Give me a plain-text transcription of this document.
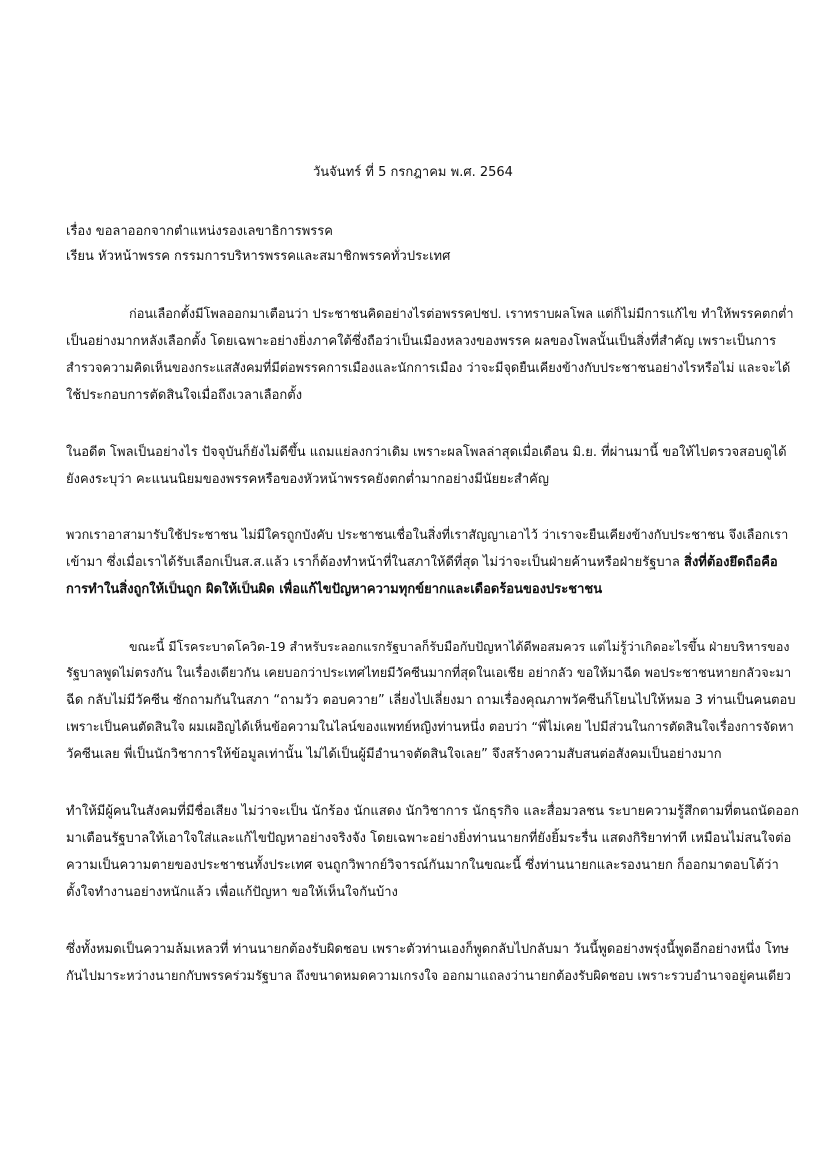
วันจันทร์ ที่ 5 กรกฎาคม พ.ศ. 2564
เรื่อง ขอลาออกจากตำแหน่งรองเลขาธิการพรรค
เรียน หัวหน้าพรรค กรรมการบริหารพรรคและสมาชิกพรรคทั่วประเทศ
ก่อนเลือกตั้งมีโพลออกมาเตือนว่า ประชาชนคิดอย่างไรต่อพรรคปชป. เราทราบผลโพล แต่ก็ไม่มีการแก้ไข ทำให้พรรคตกต่ำ
เป็นอย่างมากหลังเลือกตั้ง โดยเฉพาะอย่างยิ่งภาคใต้ซึ่งถือว่าเป็นเมืองหลวงของพรรค ผลของโพลนั้นเป็นสิ่งที่สำคัญ เพราะเป็นการ
สำรวจความคิดเห็นของกระแสสังคมที่มีต่อพรรคการเมืองและนักการเมือง ว่าจะมีจุดยืนเคียงข้างกับประชาชนอย่างไรหรือไม่ และจะได้
ใช้ประกอบการตัดสินใจเมื่อถึงเวลาเลือกตั้ง
ในอดีต โพลเป็นอย่างไร ปัจจุบันก็ยังไม่ดีขึ้น แถมแย่ลงกว่าเดิม เพราะผลโพลล่าสุดเมื่อเดือน มิ.ย. ที่ผ่านมานี้ ขอให้ไปตรวจสอบดูได้
ยังคงระบุว่า คะแนนนิยมของพรรคหรือของหัวหน้าพรรคยังตกต่ำมากอย่างมีนัยยะสำคัญ
พวกเราอาสามารับใช้ประชาชน ไม่มีใครถูกบังคับ ประชาชนเชื่อในสิ่งที่เราสัญญาเอาไว้ ว่าเราจะยืนเคียงข้างกับประชาชน จึงเลือกเรา
เข้ามา ซึ่งเมื่อเราได้รับเลือกเป็นส.ส.แล้ว เราก็ต้องทำหน้าที่ในสภาให้ดีที่สุด ไม่ว่าจะเป็นฝ่ายค้านหรือฝ่ายรัฐบาล สิ่งที่ต้องยึดถือคือ
การทำในสิ่งถูกให้เป็นถูก ผิดให้เป็นผิด เพื่อแก้ไขปัญหาความทุกข์ยากและเดือดร้อนของประชาชน
ขณะนี้ มีโรคระบาดโควิด-19 สำหรับระลอกแรกรัฐบาลก็รับมือกับปัญหาได้ดีพอสมควร แต่ไม่รู้ว่าเกิดอะไรขึ้น ฝ่ายบริหารของ
รัฐบาลพูดไม่ตรงกัน ในเรื่องเดียวกัน เคยบอกว่าประเทศไทยมีวัคซีนมากที่สุดในเอเชีย อย่ากลัว ขอให้มาฉีด พอประชาชนหายกลัวจะมา
ฉีด กลับไม่มีวัคซีน ซักถามกันในสภา “ถามวัว ตอบควาย” เลี่ยงไปเลี่ยงมา ถามเรื่องคุณภาพวัคซีนก็โยนไปให้หมอ 3 ท่านเป็นคนตอบ
เพราะเป็นคนตัดสินใจ ผมเผอิญได้เห็นข้อความในไลน์ของแพทย์หญิงท่านหนึ่ง ตอบว่า “พี่ไม่เคย ไปมีส่วนในการตัดสินใจเรื่องการจัดหา
วัคซีนเลย พี่เป็นนักวิชาการให้ข้อมูลเท่านั้น ไม่ได้เป็นผู้มีอำนาจตัดสินใจเลย” จึงสร้างความสับสนต่อสังคมเป็นอย่างมาก
ทำให้มีผู้คนในสังคมที่มีชื่อเสียง ไม่ว่าจะเป็น นักร้อง นักแสดง นักวิชาการ นักธุรกิจ และสื่อมวลชน ระบายความรู้สึกตามที่ตนถนัดออก
มาเตือนรัฐบาลให้เอาใจใส่และแก้ไขปัญหาอย่างจริงจัง โดยเฉพาะอย่างยิ่งท่านนายกที่ยังยิ้มระรื่น แสดงกิริยาท่าที เหมือนไม่สนใจต่อ
ความเป็นความตายของประชาชนทั้งประเทศ จนถูกวิพากย์วิจารณ์กันมากในขณะนี้ ซึ่งท่านนายกและรองนายก ก็ออกมาตอบโต้ว่า
ตั้งใจทำงานอย่างหนักแล้ว เพื่อแก้ปัญหา ขอให้เห็นใจกันบ้าง
ซึ่งทั้งหมดเป็นความล้มเหลวที่ ท่านนายกต้องรับผิดชอบ เพราะตัวท่านเองก็พูดกลับไปกลับมา วันนี้พูดอย่างพรุ่งนี้พูดอีกอย่างหนึ่ง โทษ
กันไปมาระหว่างนายกกับพรรคร่วมรัฐบาล ถึงขนาดหมดความเกรงใจ ออกมาแถลงว่านายกต้องรับผิดชอบ เพราะรวบอำนาจอยู่คนเดียว
